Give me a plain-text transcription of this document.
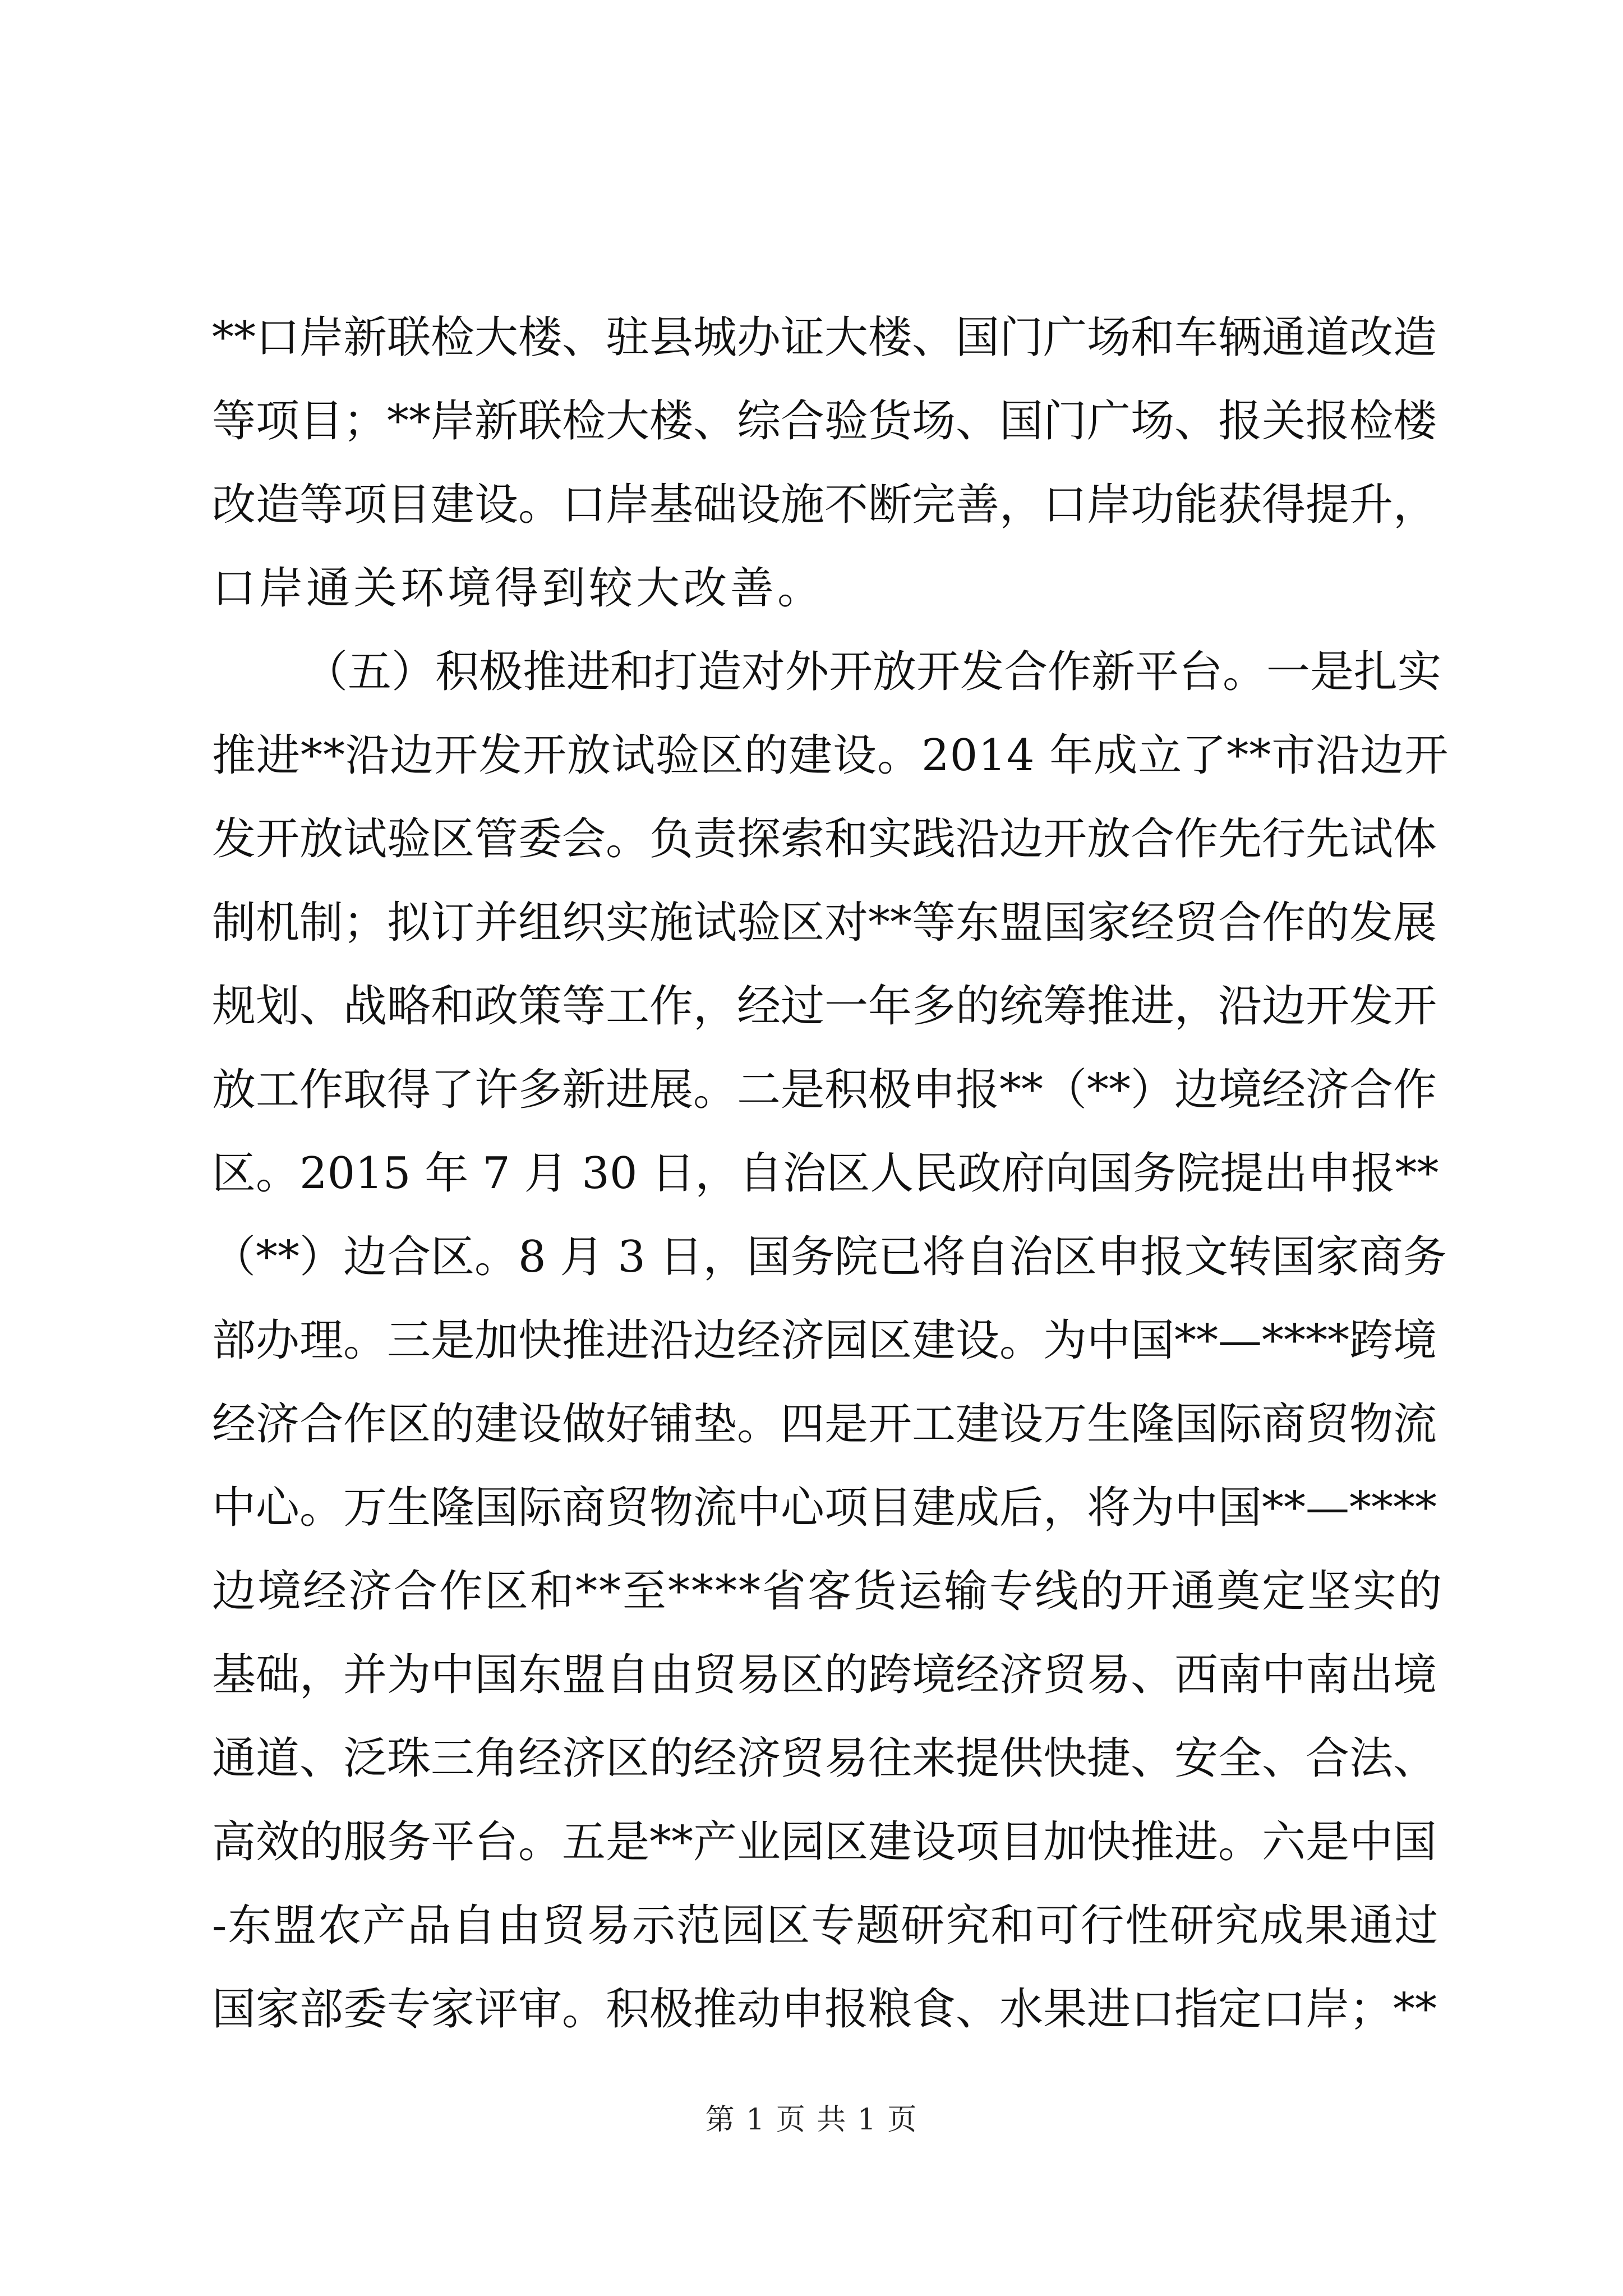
**口岸新联检大楼、驻县城办证大楼、国门广场和车辆通道改造
等项目；**岸新联检大楼、综合验货场、国门广场、报关报检楼
改造等项目建设。口岸基础设施不断完善，口岸功能获得提升，
口岸通关环境得到较大改善。
（五）积极推进和打造对外开放开发合作新平台。一是扎实
推进**沿边开发开放试验区的建设。2014 年成立了**市沿边开
发开放试验区管委会。负责探索和实践沿边开放合作先行先试体
制机制；拟订并组织实施试验区对**等东盟国家经贸合作的发展
规划、战略和政策等工作，经过一年多的统筹推进，沿边开发开
放工作取得了许多新进展。二是积极申报**（**）边境经济合作
区。2015 年 7 月 30 日，自治区人民政府向国务院提出申报**
（**）边合区。8 月 3 日，国务院已将自治区申报文转国家商务
部办理。三是加快推进沿边经济园区建设。为中国**—****跨境
经济合作区的建设做好铺垫。四是开工建设万生隆国际商贸物流
中心。万生隆国际商贸物流中心项目建成后，将为中国**—****
边境经济合作区和**至****省客货运输专线的开通奠定坚实的
基础，并为中国东盟自由贸易区的跨境经济贸易、西南中南出境
通道、泛珠三角经济区的经济贸易往来提供快捷、安全、合法、
高效的服务平台。五是**产业园区建设项目加快推进。六是中国
-东盟农产品自由贸易示范园区专题研究和可行性研究成果通过
国家部委专家评审。积极推动申报粮食、水果进口指定口岸；**
第 1 页 共 1 页
